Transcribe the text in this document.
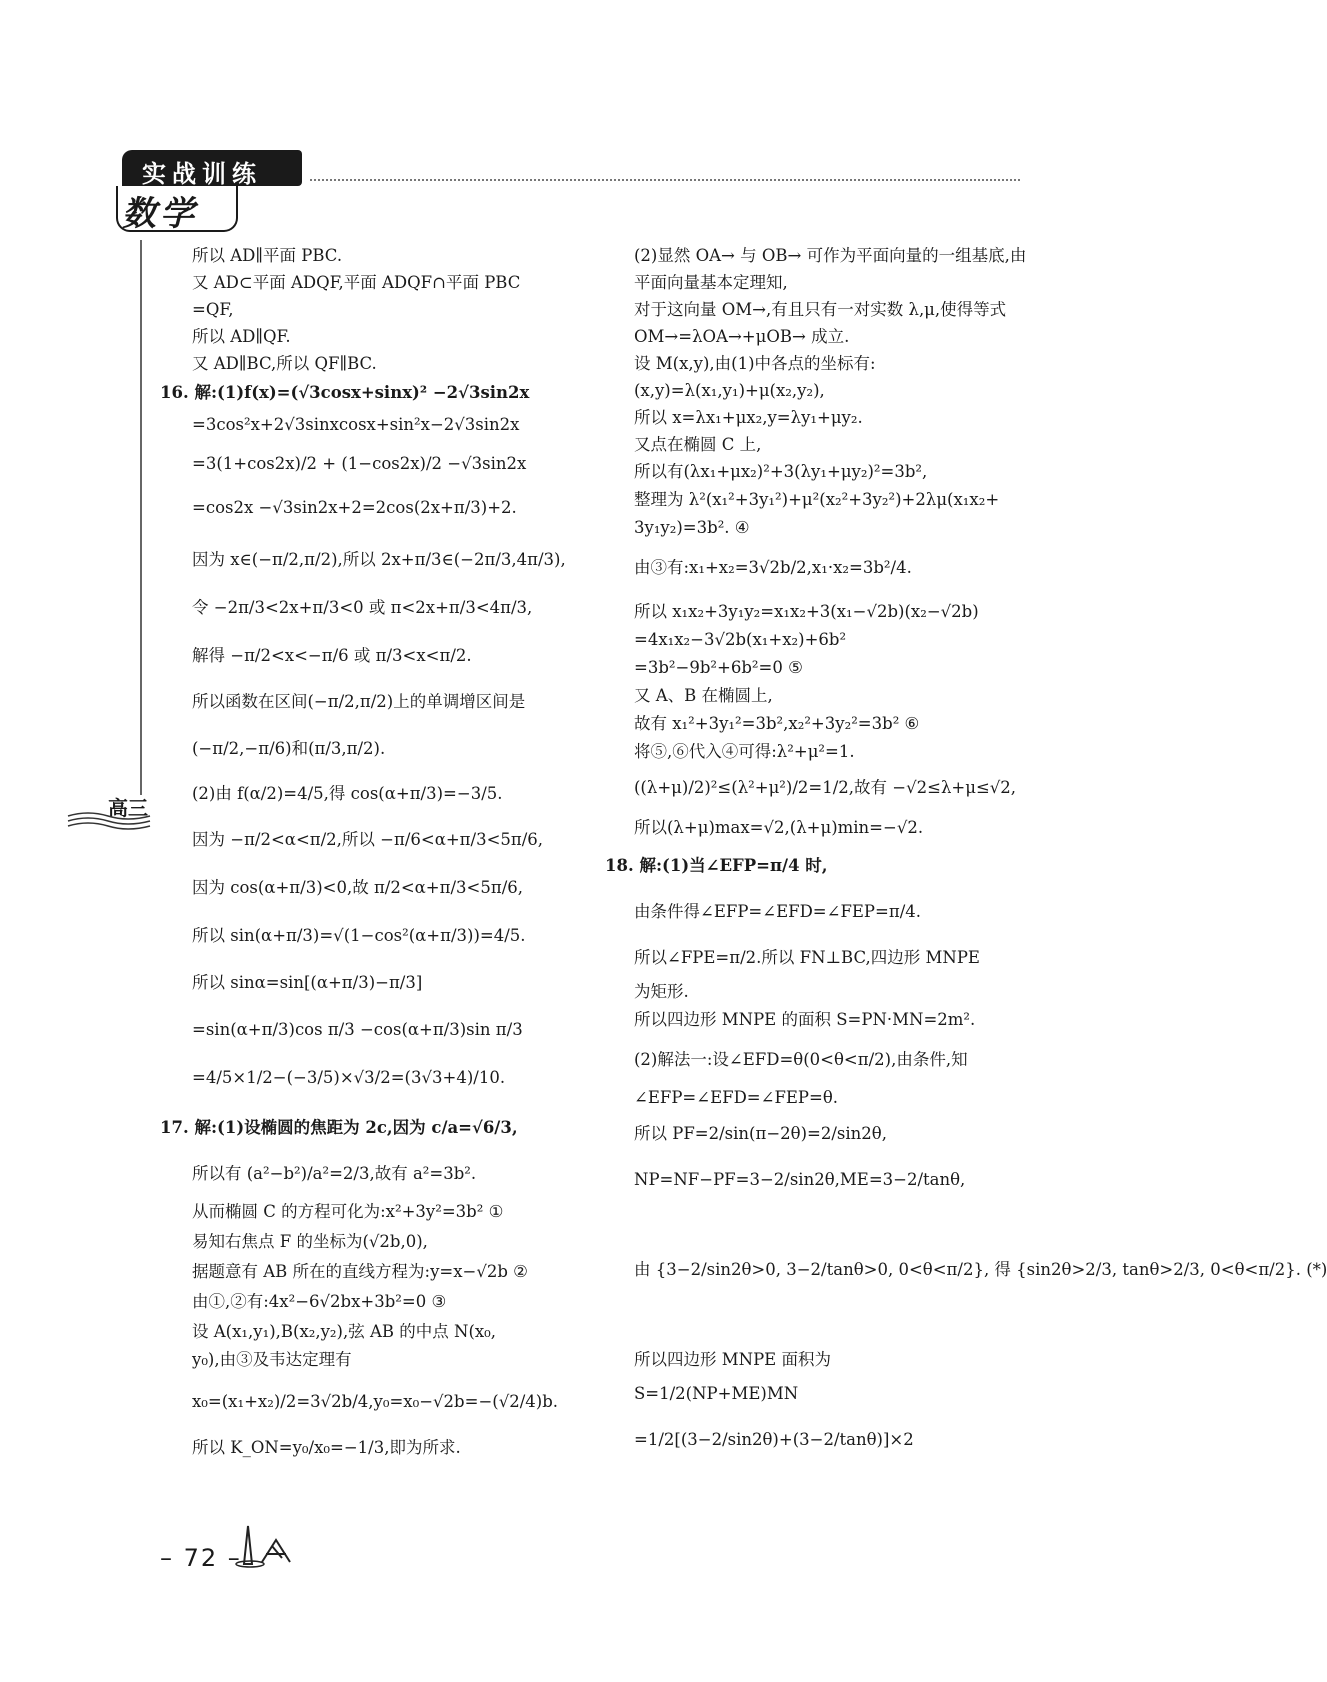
实战训练
数学
高三
所以 AD∥平面 PBC.
又 AD⊂平面 ADQF,平面 ADQF∩平面 PBC
=QF,
所以 AD∥QF.
又 AD∥BC,所以 QF∥BC.
16. 解:(1)f(x)=(√3cosx+sinx)² −2√3sin2x
=3cos²x+2√3sinxcosx+sin²x−2√3sin2x
=3(1+cos2x)/2 + (1−cos2x)/2 −√3sin2x
=cos2x −√3sin2x+2=2cos(2x+π/3)+2.
因为 x∈(−π/2,π/2),所以 2x+π/3∈(−2π/3,4π/3),
令 −2π/3<2x+π/3<0 或 π<2x+π/3<4π/3,
解得 −π/2<x<−π/6 或 π/3<x<π/2.
所以函数在区间(−π/2,π/2)上的单调增区间是
(−π/2,−π/6)和(π/3,π/2).
(2)由 f(α/2)=4/5,得 cos(α+π/3)=−3/5.
因为 −π/2<α<π/2,所以 −π/6<α+π/3<5π/6,
因为 cos(α+π/3)<0,故 π/2<α+π/3<5π/6,
所以 sin(α+π/3)=√(1−cos²(α+π/3))=4/5.
所以 sinα=sin[(α+π/3)−π/3]
=sin(α+π/3)cos π/3 −cos(α+π/3)sin π/3
=4/5×1/2−(−3/5)×√3/2=(3√3+4)/10.
17. 解:(1)设椭圆的焦距为 2c,因为 c/a=√6/3,
所以有 (a²−b²)/a²=2/3,故有 a²=3b².
从而椭圆 C 的方程可化为:x²+3y²=3b² ①
易知右焦点 F 的坐标为(√2b,0),
据题意有 AB 所在的直线方程为:y=x−√2b ②
由①,②有:4x²−6√2bx+3b²=0 ③
设 A(x₁,y₁),B(x₂,y₂),弦 AB 的中点 N(x₀,
y₀),由③及韦达定理有
x₀=(x₁+x₂)/2=3√2b/4,y₀=x₀−√2b=−(√2/4)b.
所以 K_ON=y₀/x₀=−1/3,即为所求.
(2)显然 OA→ 与 OB→ 可作为平面向量的一组基底,由
平面向量基本定理知,
对于这向量 OM→,有且只有一对实数 λ,μ,使得等式
OM→=λOA→+μOB→ 成立.
设 M(x,y),由(1)中各点的坐标有:
(x,y)=λ(x₁,y₁)+μ(x₂,y₂),
所以 x=λx₁+μx₂,y=λy₁+μy₂.
又点在椭圆 C 上,
所以有(λx₁+μx₂)²+3(λy₁+μy₂)²=3b²,
整理为 λ²(x₁²+3y₁²)+μ²(x₂²+3y₂²)+2λμ(x₁x₂+
3y₁y₂)=3b². ④
由③有:x₁+x₂=3√2b/2,x₁·x₂=3b²/4.
所以 x₁x₂+3y₁y₂=x₁x₂+3(x₁−√2b)(x₂−√2b)
=4x₁x₂−3√2b(x₁+x₂)+6b²
=3b²−9b²+6b²=0 ⑤
又 A、B 在椭圆上,
故有 x₁²+3y₁²=3b²,x₂²+3y₂²=3b² ⑥
将⑤,⑥代入④可得:λ²+μ²=1.
((λ+μ)/2)²≤(λ²+μ²)/2=1/2,故有 −√2≤λ+μ≤√2,
所以(λ+μ)max=√2,(λ+μ)min=−√2.
18. 解:(1)当∠EFP=π/4 时,
由条件得∠EFP=∠EFD=∠FEP=π/4.
所以∠FPE=π/2.所以 FN⊥BC,四边形 MNPE
为矩形.
所以四边形 MNPE 的面积 S=PN·MN=2m².
(2)解法一:设∠EFD=θ(0<θ<π/2),由条件,知
∠EFP=∠EFD=∠FEP=θ.
所以 PF=2/sin(π−2θ)=2/sin2θ,
NP=NF−PF=3−2/sin2θ,ME=3−2/tanθ,
由 {3−2/sin2θ>0, 3−2/tanθ>0, 0<θ<π/2}, 得 {sin2θ>2/3, tanθ>2/3, 0<θ<π/2}. (*)
所以四边形 MNPE 面积为
S=1/2(NP+ME)MN
=1/2[(3−2/sin2θ)+(3−2/tanθ)]×2
– 72 –
